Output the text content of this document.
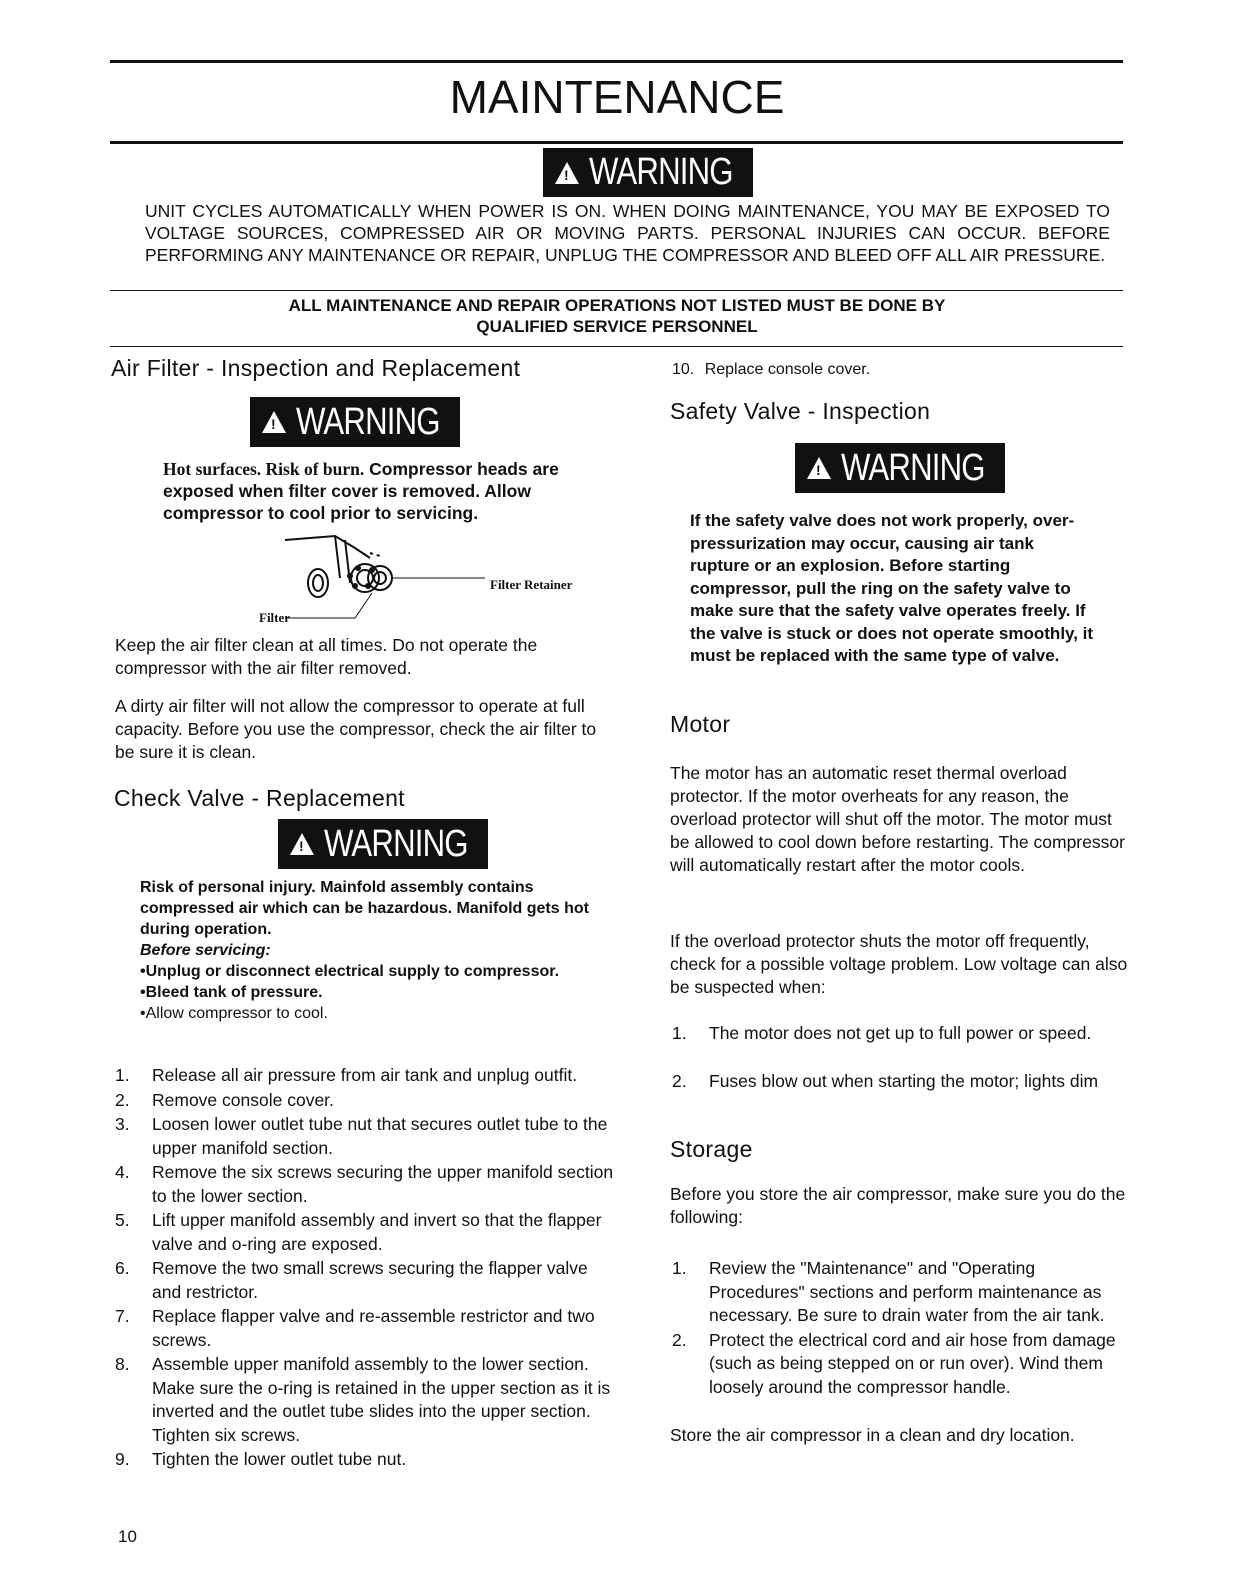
MAINTENANCE
!
WARNING
UNIT CYCLES AUTOMATICALLY WHEN POWER IS ON. WHEN DOING MAINTENANCE, YOU MAY BE EXPOSED TO VOLTAGE SOURCES, COMPRESSED AIR OR MOVING PARTS. PERSONAL INJURIES CAN OCCUR. BEFORE PERFORMING ANY MAINTENANCE OR REPAIR, UNPLUG THE COMPRESSOR AND BLEED OFF ALL AIR PRESSURE.
ALL MAINTENANCE AND REPAIR OPERATIONS NOT LISTED MUST BE DONE BY
QUALIFIED SERVICE PERSONNEL
Air Filter - Inspection and Replacement
!
WARNING
Hot surfaces. Risk of burn. Compressor heads are exposed when filter cover is removed. Allow compressor to cool prior to servicing.
Filter Retainer
Filter
Keep the air filter clean at all times. Do not operate the compressor with the air filter removed.
A dirty air filter will not allow the compressor to operate at full capacity. Before you use the compressor, check the air filter to be sure it is clean.
Check Valve - Replacement
!
WARNING
Risk of personal injury. Mainfold assembly contains compressed air which can be hazardous. Manifold gets hot during operation.
Before servicing:
•Unplug or disconnect electrical supply to compressor.
•Bleed tank of pressure.
•Allow compressor to cool.
1. Release all air pressure from air tank and unplug outfit.
2. Remove console cover.
3. Loosen lower outlet tube nut that secures outlet tube to the upper manifold section.
4. Remove the six screws securing the upper manifold section to the lower section.
5. Lift upper manifold assembly and invert so that the flapper valve and o-ring are exposed.
6. Remove the two small screws securing the flapper valve and restrictor.
7. Replace flapper valve and re-assemble restrictor and two screws.
8. Assemble upper manifold assembly to the lower section. Make sure the o-ring is retained in the upper section as it is inverted and the outlet tube slides into the upper section. Tighten six screws.
9. Tighten the lower outlet tube nut.
10
10. Replace console cover.
Safety Valve - Inspection
!
WARNING
If the safety valve does not work properly, over-pressurization may occur, causing air tank rupture or an explosion. Before starting compressor, pull the ring on the safety valve to make sure that the safety valve operates freely. If the valve is stuck or does not operate smoothly, it must be replaced with the same type of valve.
Motor
The motor has an automatic reset thermal overload protector. If the motor overheats for any reason, the overload protector will shut off the motor. The motor must be allowed to cool down before restarting. The compressor will automatically restart after the motor cools.
If the overload protector shuts the motor off frequently, check for a possible voltage problem. Low voltage can also be suspected when:
1. The motor does not get up to full power or speed.
2. Fuses blow out when starting the motor; lights dim
Storage
Before you store the air compressor, make sure you do the following:
1. Review the "Maintenance" and "Operating Procedures" sections and perform maintenance as necessary. Be sure to drain water from the air tank.
2. Protect the electrical cord and air hose from damage (such as being stepped on or run over). Wind them loosely around the compressor handle.
Store the air compressor in a clean and dry location.
